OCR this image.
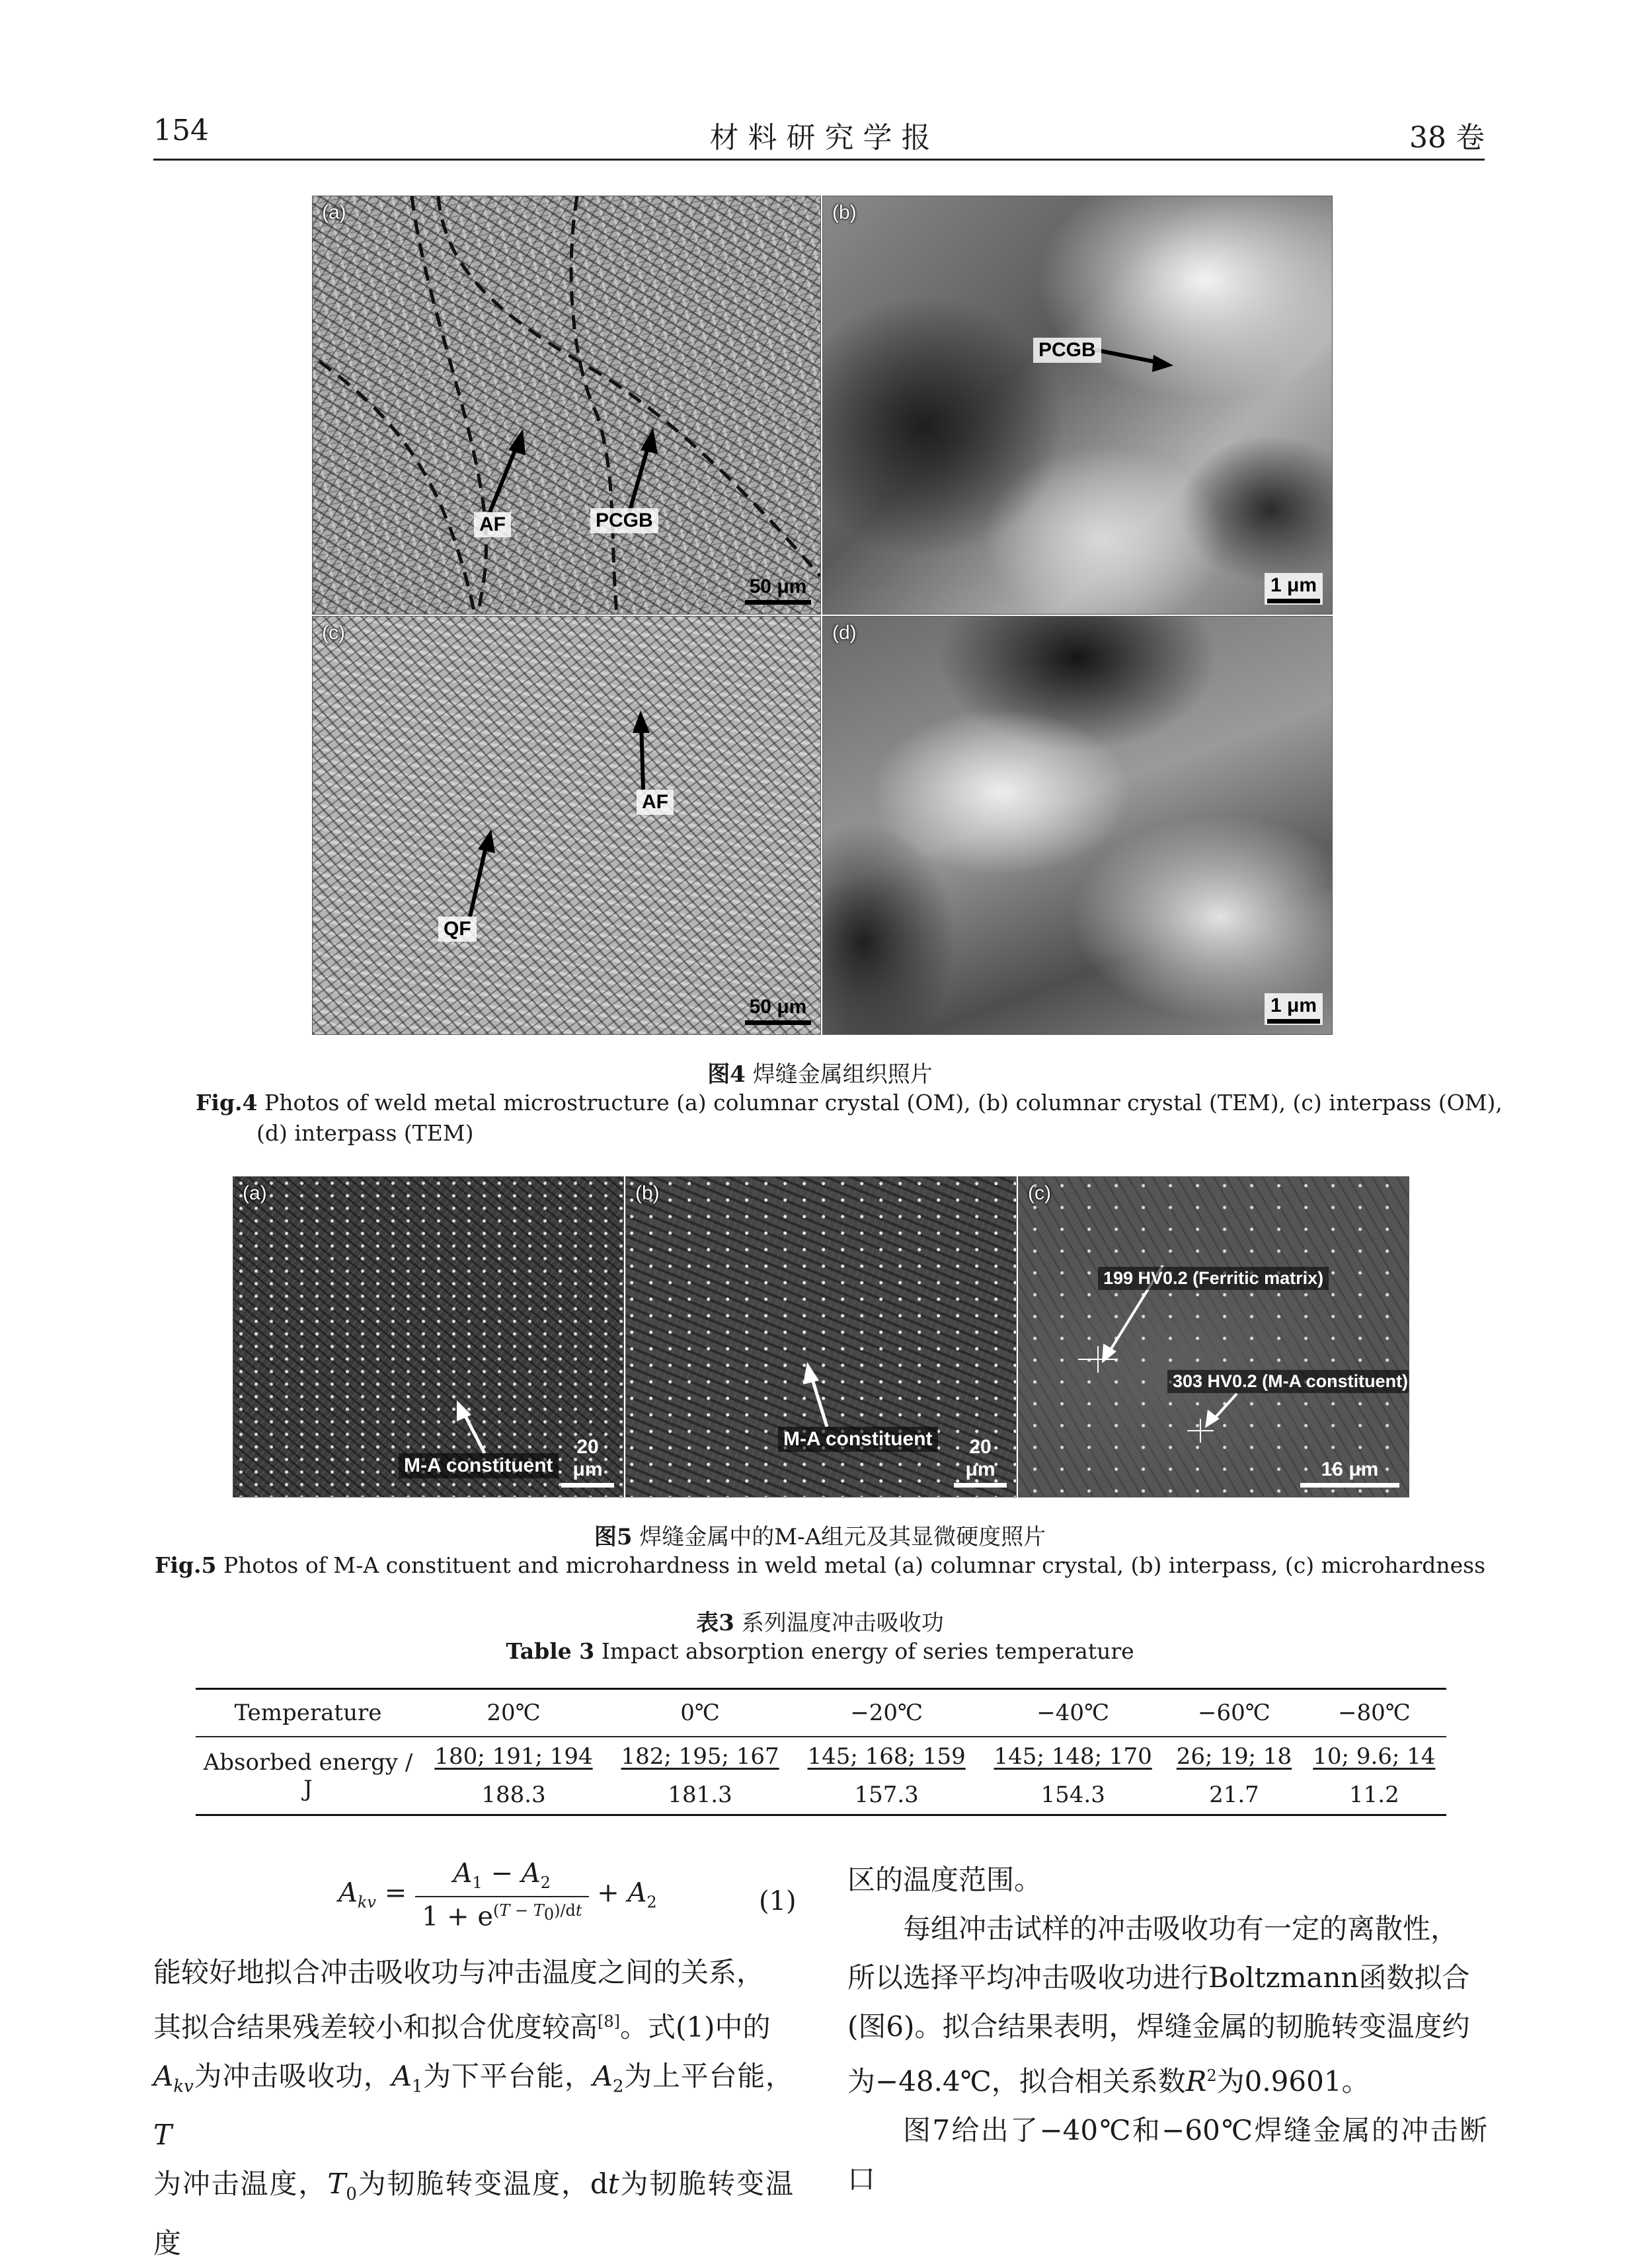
154	材 料 研 究 学 报	38 卷
(a)
AF	PCGB
50 μm
(b)
PCGB
1 μm
(c)
AF
QF
50 μm
(d)
1 μm
图4 焊缝金属组织照片
Fig.4 Photos of weld metal microstructure (a) columnar crystal (OM), (b) columnar crystal (TEM), (c) interpass (OM), (d) interpass (TEM)
(a)
M-A constituent
20 μm
(b)
M-A constituent	20 μm
(c)
199 HV0.2 (Ferritic matrix)
303 HV0.2 (M-A constituent)
16 μm
图5 焊缝金属中的M-A组元及其显微硬度照片
Fig.5 Photos of M-A constituent and microhardness in weld metal (a) columnar crystal, (b) interpass, (c) microhardness
表3 系列温度冲击吸收功
Table 3 Impact absorption energy of series temperature
Temperature	20℃	0℃	−20℃	−40℃	−60℃	−80℃
Absorbed energy / J	180; 191; 194	182; 195; 167	145; 168; 159	145; 148; 170	26; 19; 18	10; 9.6; 14
	188.3	181.3	157.3	154.3	21.7	11.2
$A_{kv} = \frac{A_1 - A_2}{1 + e^{(T - T_0)/dt}} + A_2$	(1)
能较好地拟合冲击吸收功与冲击温度之间的关系，
其拟合结果残差较小和拟合优度较高[8]。式(1)中的
$A_{kv}$为冲击吸收功，$A_1$为下平台能，$A_2$为上平台能，T
为冲击温度，$T_0$为韧脆转变温度，dt为韧脆转变温度
区的温度范围。
每组冲击试样的冲击吸收功有一定的离散性，
所以选择平均冲击吸收功进行Boltzmann函数拟合
(图6)。拟合结果表明，焊缝金属的韧脆转变温度约
为−48.4℃，拟合相关系数$R^2$为0.9601。
图7给出了−40℃和−60℃焊缝金属的冲击断口
